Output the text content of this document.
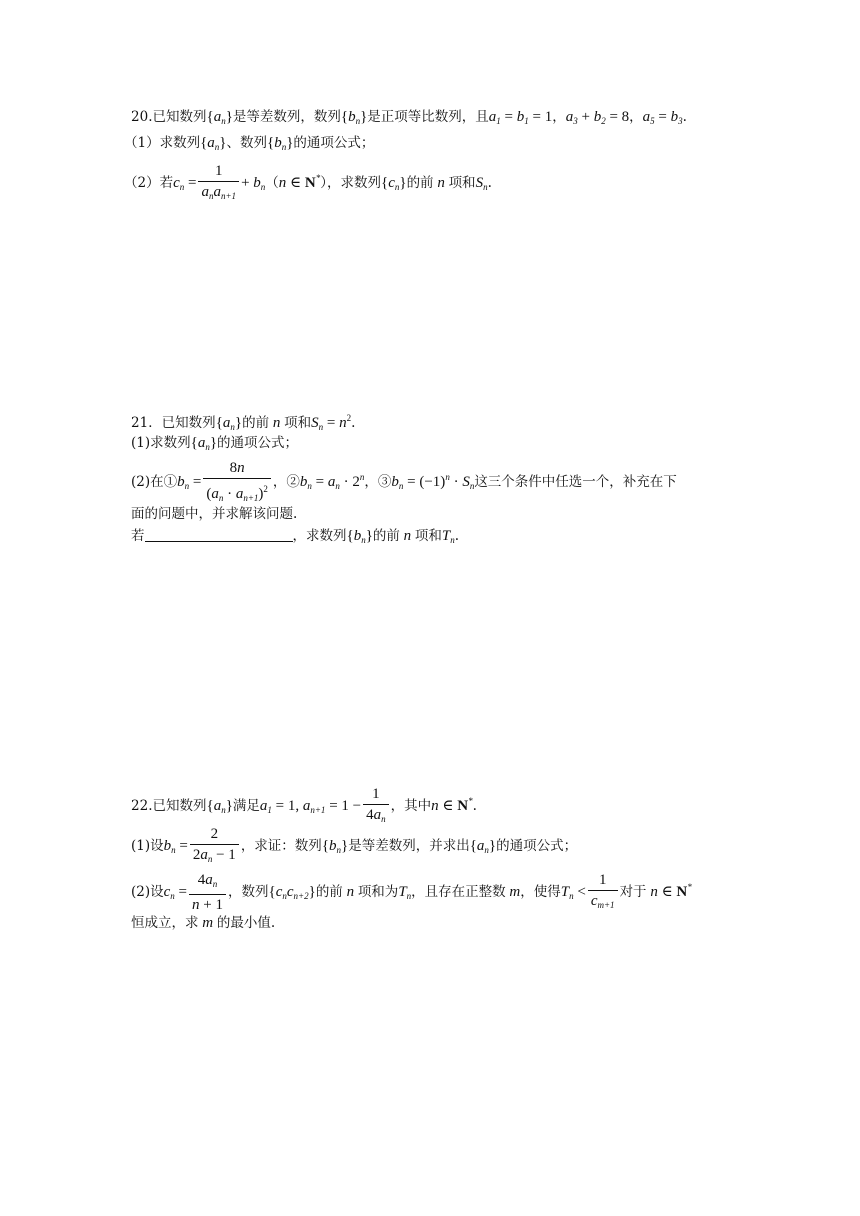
20.已知数列$\{a_n\}$是等差数列，数列$\{b_n\}$是正项等比数列，且$a_1 = b_1 = 1$，$a_3 + b_2 = 8$，$a_5 = b_3$.
（1）求数列$\{a_n\}$、数列$\{b_n\}$的通项公式；
（2）若$c_n = \frac{1}{a_na_{n+1}} + b_n(n$ ∈ N*），求数列$\{c_n\}$的前 n 项和$S_n$.
21．已知数列$\{a_n\}$的前 n 项和$S_n = n^2$.
(1)求数列$\{a_n\}$的通项公式；
(2)在$①b_n = \frac{8n}{(a_n \cdot a_{n+1})^2}$ ，$②b_n = a_n \cdot 2^n$，$③b_n = (-1)^n \cdot S_n$这三个条件中任选一个，补充在下
面的问题中，并求解该问题.
若	，求数列$\{b_n\}$的前 n 项和$T_n$.
22.已知数列$\{a_n\}$满足$a_1 = 1$, $a_{n+1} = 1 - \frac{1}{4a_n}$ ，其中n ∈ N*.
(1)设$b_n = \frac{2}{2a_n - 1}$ ，求证：数列$\{b_n\}$是等差数列，并求出$\{a_n\}$的通项公式；
(2)设$c_n = \frac{4a_n}{n + 1}$ ，数列$\{c_nc_{n+2}\}$的前 n 项和为$T_n$，且存在正整数 m，使得$T_n < \frac{1}{c_{m+1}}$ 对于 n ∈ N*
恒成立，求 m 的最小值.
